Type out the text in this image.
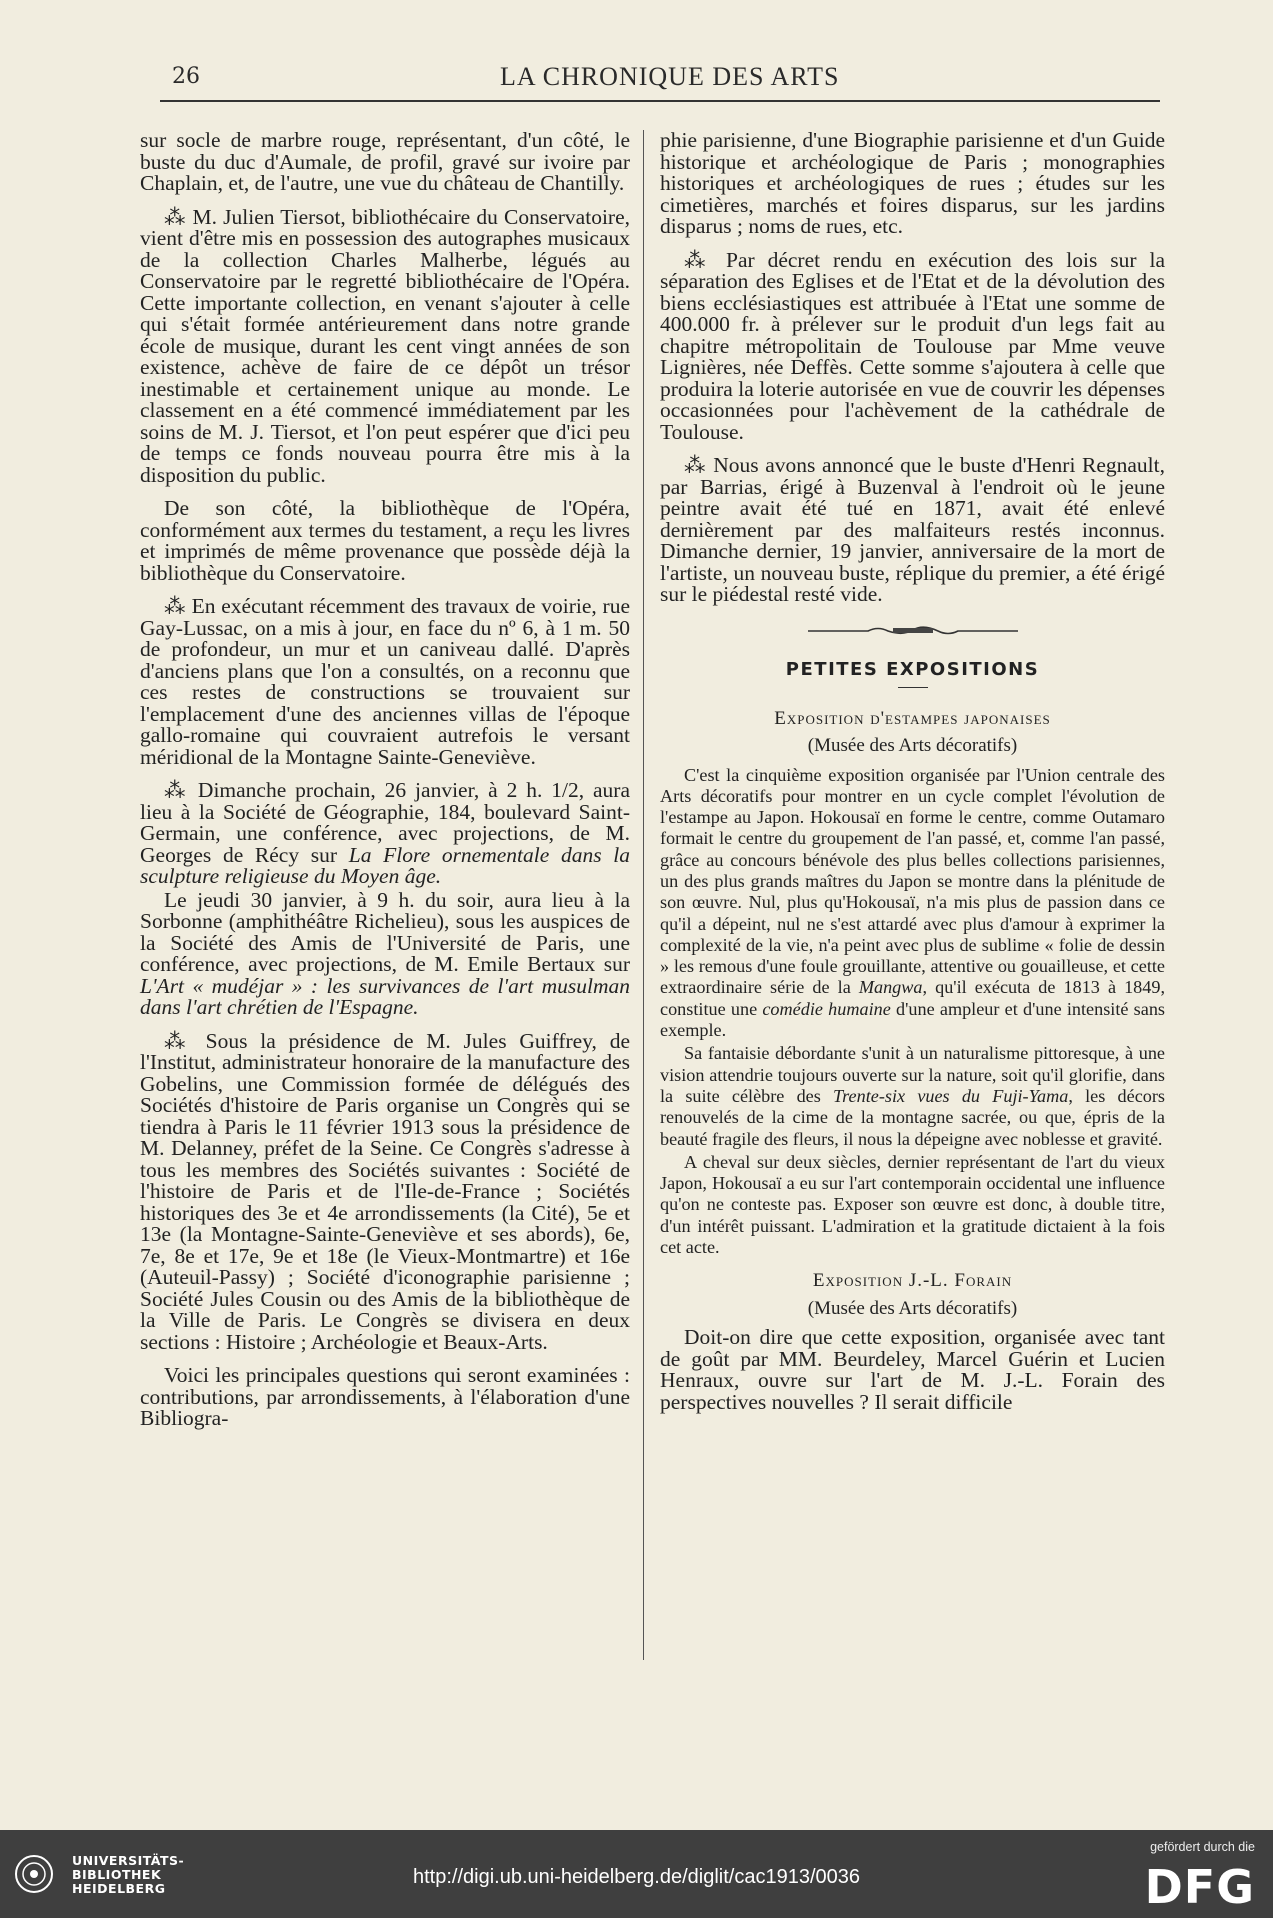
26	LA CHRONIQUE DES ARTS

sur socle de marbre rouge, représentant, d'un côté, le buste du duc d'Aumale, de profil, gravé sur ivoire par Chaplain, et, de l'autre, une vue du château de Chantilly.

⁂ M. Julien Tiersot, bibliothécaire du Conservatoire, vient d'être mis en possession des autographes musicaux de la collection Charles Malherbe, légués au Conservatoire par le regretté bibliothécaire de l'Opéra. Cette importante collection, en venant s'ajouter à celle qui s'était formée antérieurement dans notre grande école de musique, durant les cent vingt années de son existence, achève de faire de ce dépôt un trésor inestimable et certainement unique au monde. Le classement en a été commencé immédiatement par les soins de M. J. Tiersot, et l'on peut espérer que d'ici peu de temps ce fonds nouveau pourra être mis à la disposition du public.

De son côté, la bibliothèque de l'Opéra, conformément aux termes du testament, a reçu les livres et imprimés de même provenance que possède déjà la bibliothèque du Conservatoire.

⁂ En exécutant récemment des travaux de voirie, rue Gay-Lussac, on a mis à jour, en face du nº 6, à 1 m. 50 de profondeur, un mur et un caniveau dallé. D'après d'anciens plans que l'on a consultés, on a reconnu que ces restes de constructions se trouvaient sur l'emplacement d'une des anciennes villas de l'époque gallo-romaine qui couvraient autrefois le versant méridional de la Montagne Sainte-Geneviève.

⁂ Dimanche prochain, 26 janvier, à 2 h. 1/2, aura lieu à la Société de Géographie, 184, boulevard Saint-Germain, une conférence, avec projections, de M. Georges de Récy sur La Flore ornementale dans la sculpture religieuse du Moyen âge.

Le jeudi 30 janvier, à 9 h. du soir, aura lieu à la Sorbonne (amphithéâtre Richelieu), sous les auspices de la Société des Amis de l'Université de Paris, une conférence, avec projections, de M. Emile Bertaux sur L'Art « mudéjar » : les survivances de l'art musulman dans l'art chrétien de l'Espagne.

⁂ Sous la présidence de M. Jules Guiffrey, de l'Institut, administrateur honoraire de la manufacture des Gobelins, une Commission formée de délégués des Sociétés d'histoire de Paris organise un Congrès qui se tiendra à Paris le 11 février 1913 sous la présidence de M. Delanney, préfet de la Seine. Ce Congrès s'adresse à tous les membres des Sociétés suivantes : Société de l'histoire de Paris et de l'Ile-de-France ; Sociétés historiques des 3e et 4e arrondissements (la Cité), 5e et 13e (la Montagne-Sainte-Geneviève et ses abords), 6e, 7e, 8e et 17e, 9e et 18e (le Vieux-Montmartre) et 16e (Auteuil-Passy) ; Société d'iconographie parisienne ; Société Jules Cousin ou des Amis de la bibliothèque de la Ville de Paris. Le Congrès se divisera en deux sections : Histoire ; Archéologie et Beaux-Arts.

Voici les principales questions qui seront examinées : contributions, par arrondissements, à l'élaboration d'une Bibliogra-

phie parisienne, d'une Biographie parisienne et d'un Guide historique et archéologique de Paris ; monographies historiques et archéologiques de rues ; études sur les cimetières, marchés et foires disparus, sur les jardins disparus ; noms de rues, etc.

⁂ Par décret rendu en exécution des lois sur la séparation des Eglises et de l'Etat et de la dévolution des biens ecclésiastiques est attribuée à l'Etat une somme de 400.000 fr. à prélever sur le produit d'un legs fait au chapitre métropolitain de Toulouse par Mme veuve Lignières, née Deffès. Cette somme s'ajoutera à celle que produira la loterie autorisée en vue de couvrir les dépenses occasionnées pour l'achèvement de la cathédrale de Toulouse.

⁂ Nous avons annoncé que le buste d'Henri Regnault, par Barrias, érigé à Buzenval à l'endroit où le jeune peintre avait été tué en 1871, avait été enlevé dernièrement par des malfaiteurs restés inconnus. Dimanche dernier, 19 janvier, anniversaire de la mort de l'artiste, un nouveau buste, réplique du premier, a été érigé sur le piédestal resté vide.

PETITES EXPOSITIONS
Exposition d'estampes japonaises
(Musée des Arts décoratifs)

C'est la cinquième exposition organisée par l'Union centrale des Arts décoratifs pour montrer en un cycle complet l'évolution de l'estampe au Japon. Hokousaï en forme le centre, comme Outamaro formait le centre du groupement de l'an passé, et, comme l'an passé, grâce au concours bénévole des plus belles collections parisiennes, un des plus grands maîtres du Japon se montre dans la plénitude de son œuvre. Nul, plus qu'Hokousaï, n'a mis plus de passion dans ce qu'il a dépeint, nul ne s'est attardé avec plus d'amour à exprimer la complexité de la vie, n'a peint avec plus de sublime « folie de dessin » les remous d'une foule grouillante, attentive ou gouailleuse, et cette extraordinaire série de la Mangwa, qu'il exécuta de 1813 à 1849, constitue une comédie humaine d'une ampleur et d'une intensité sans exemple.

Sa fantaisie débordante s'unit à un naturalisme pittoresque, à une vision attendrie toujours ouverte sur la nature, soit qu'il glorifie, dans la suite célèbre des Trente-six vues du Fuji-Yama, les décors renouvelés de la cime de la montagne sacrée, ou que, épris de la beauté fragile des fleurs, il nous la dépeigne avec noblesse et gravité.

A cheval sur deux siècles, dernier représentant de l'art du vieux Japon, Hokousaï a eu sur l'art contemporain occidental une influence qu'on ne conteste pas. Exposer son œuvre est donc, à double titre, d'un intérêt puissant. L'admiration et la gratitude dictaient à la fois cet acte.

Exposition J.-L. Forain
(Musée des Arts décoratifs)

Doit-on dire que cette exposition, organisée avec tant de goût par MM. Beurdeley, Marcel Guérin et Lucien Henraux, ouvre sur l'art de M. J.-L. Forain des perspectives nouvelles ? Il serait difficile

UNIVERSITÄTS-
BIBLIOTHEK
HEIDELBERG
http://digi.ub.uni-heidelberg.de/diglit/cac1913/0036
gefördert durch die
DFG
